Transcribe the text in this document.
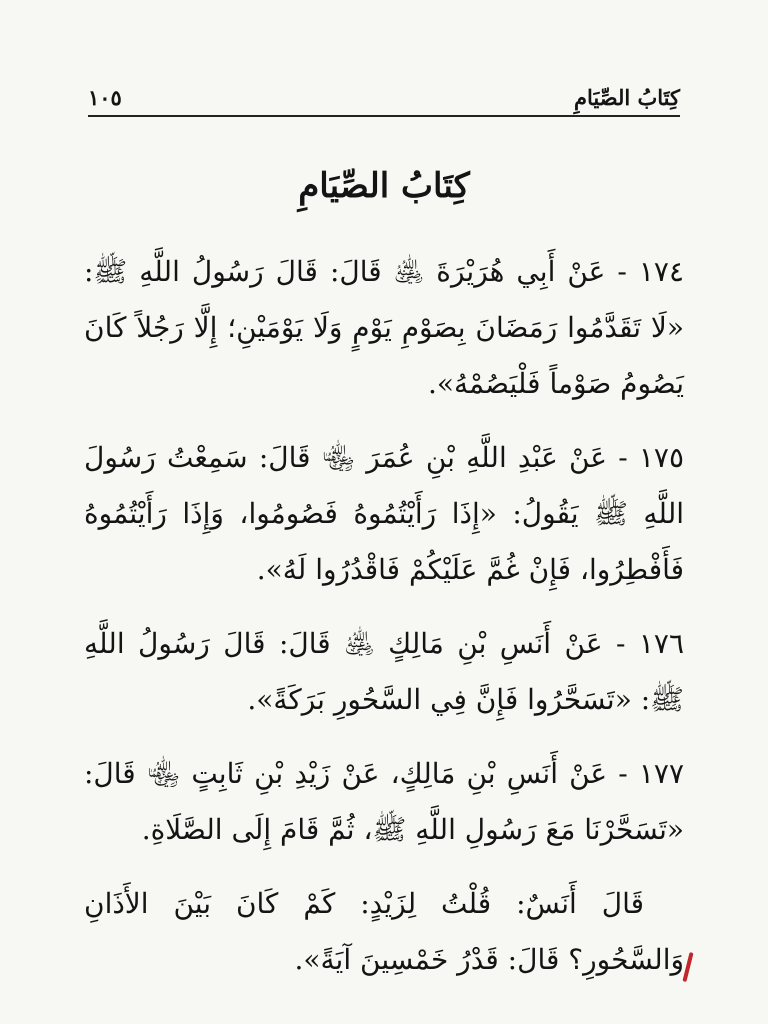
كِتَابُ الصِّيَامِ
١٠٥
كِتَابُ الصِّيَامِ

١٧٤ - عَنْ أَبِي هُرَيْرَةَ ﵁ قَالَ: قَالَ رَسُولُ اللَّهِ ﷺ: «لَا تَقَدَّمُوا رَمَضَانَ بِصَوْمِ يَوْمٍ وَلَا يَوْمَيْنِ؛ إِلَّا رَجُلاً كَانَ يَصُومُ صَوْماً فَلْيَصُمْهُ».

١٧٥ - عَنْ عَبْدِ اللَّهِ بْنِ عُمَرَ ﵄ قَالَ: سَمِعْتُ رَسُولَ اللَّهِ ﷺ يَقُولُ: «إِذَا رَأَيْتُمُوهُ فَصُومُوا، وَإِذَا رَأَيْتُمُوهُ فَأَفْطِرُوا، فَإِنْ غُمَّ عَلَيْكُمْ فَاقْدُرُوا لَهُ».

١٧٦ - عَنْ أَنَسِ بْنِ مَالِكٍ ﵁ قَالَ: قَالَ رَسُولُ اللَّهِ ﷺ: «تَسَحَّرُوا فَإِنَّ فِي السَّحُورِ بَرَكَةً».

١٧٧ - عَنْ أَنَسِ بْنِ مَالِكٍ، عَنْ زَيْدِ بْنِ ثَابِتٍ ﵄ قَالَ: «تَسَحَّرْنَا مَعَ رَسُولِ اللَّهِ ﷺ، ثُمَّ قَامَ إِلَى الصَّلَاةِ.

قَالَ أَنَسٌ: قُلْتُ لِزَيْدٍ: كَمْ كَانَ بَيْنَ الأَذَانِ وَالسَّحُورِ؟ قَالَ: قَدْرُ خَمْسِينَ آيَةً».
